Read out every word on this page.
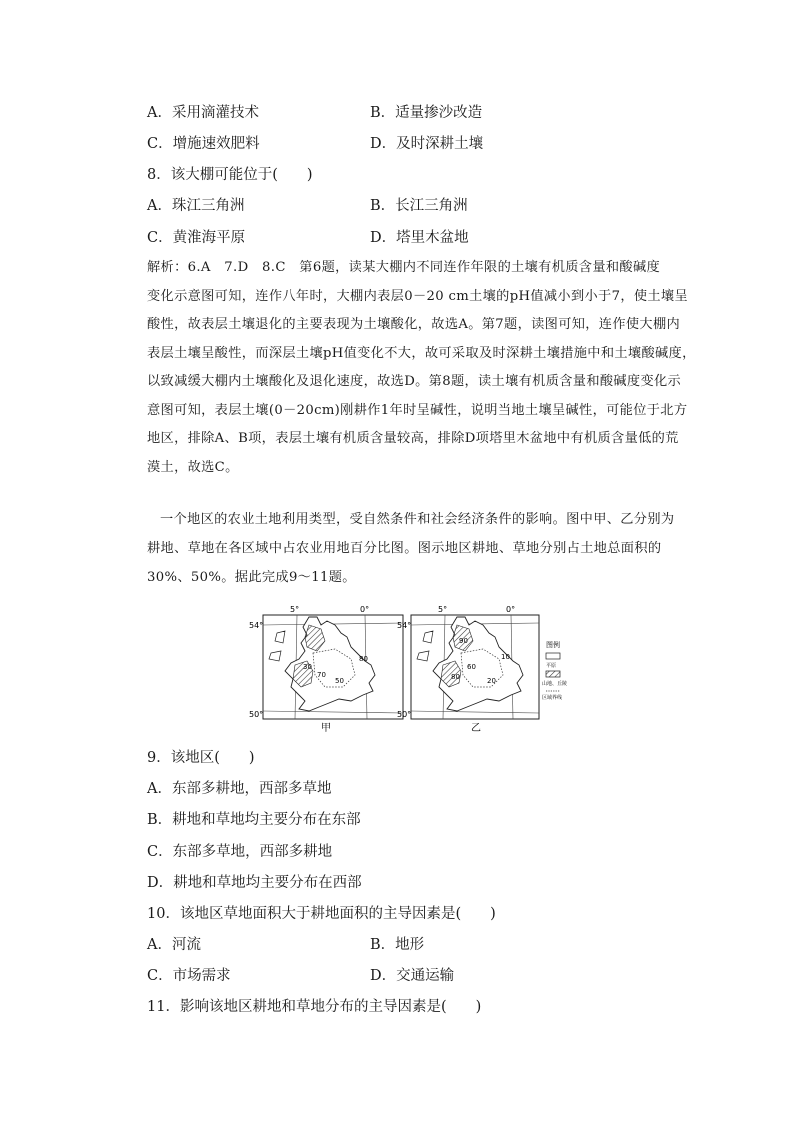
A．采用滴灌技术	B．适量掺沙改造
C．增施速效肥料	D．及时深耕土壤
8．该大棚可能位于(　　)
A．珠江三角洲	B．长江三角洲
C．黄淮海平原	D．塔里木盆地
解析：6.A　7.D　8.C　第6题，读某大棚内不同连作年限的土壤有机质含量和酸碱度
变化示意图可知，连作八年时，大棚内表层0－20 cm土壤的pH值减小到小于7，使土壤呈
酸性，故表层土壤退化的主要表现为土壤酸化，故选A。第7题，读图可知，连作使大棚内
表层土壤呈酸性，而深层土壤pH值变化不大，故可采取及时深耕土壤措施中和土壤酸碱度，
以致减缓大棚内土壤酸化及退化速度，故选D。第8题，读土壤有机质含量和酸碱度变化示
意图可知，表层土壤(0－20cm)刚耕作1年时呈碱性，说明当地土壤呈碱性，可能位于北方
地区，排除A、B项，表层土壤有机质含量较高，排除D项塔里木盆地中有机质含量低的荒
漠土，故选C。
一个地区的农业土地利用类型，受自然条件和社会经济条件的影响。图中甲、乙分别为
耕地、草地在各区域中占农业用地百分比图。图示地区耕地、草地分别占土地总面积的
30%、50%。据此完成9～11题。
5°	0°
54°
50°
30
70
80
50
甲
5°	0°
54°
50°
90
60
10
80	20
乙
图例
平原
山地、丘陵
区域界线
9．该地区(　　)
A．东部多耕地，西部多草地
B．耕地和草地均主要分布在东部
C．东部多草地，西部多耕地
D．耕地和草地均主要分布在西部
10．该地区草地面积大于耕地面积的主导因素是(　　)
A．河流	B．地形
C．市场需求	D．交通运输
11．影响该地区耕地和草地分布的主导因素是(　　)
